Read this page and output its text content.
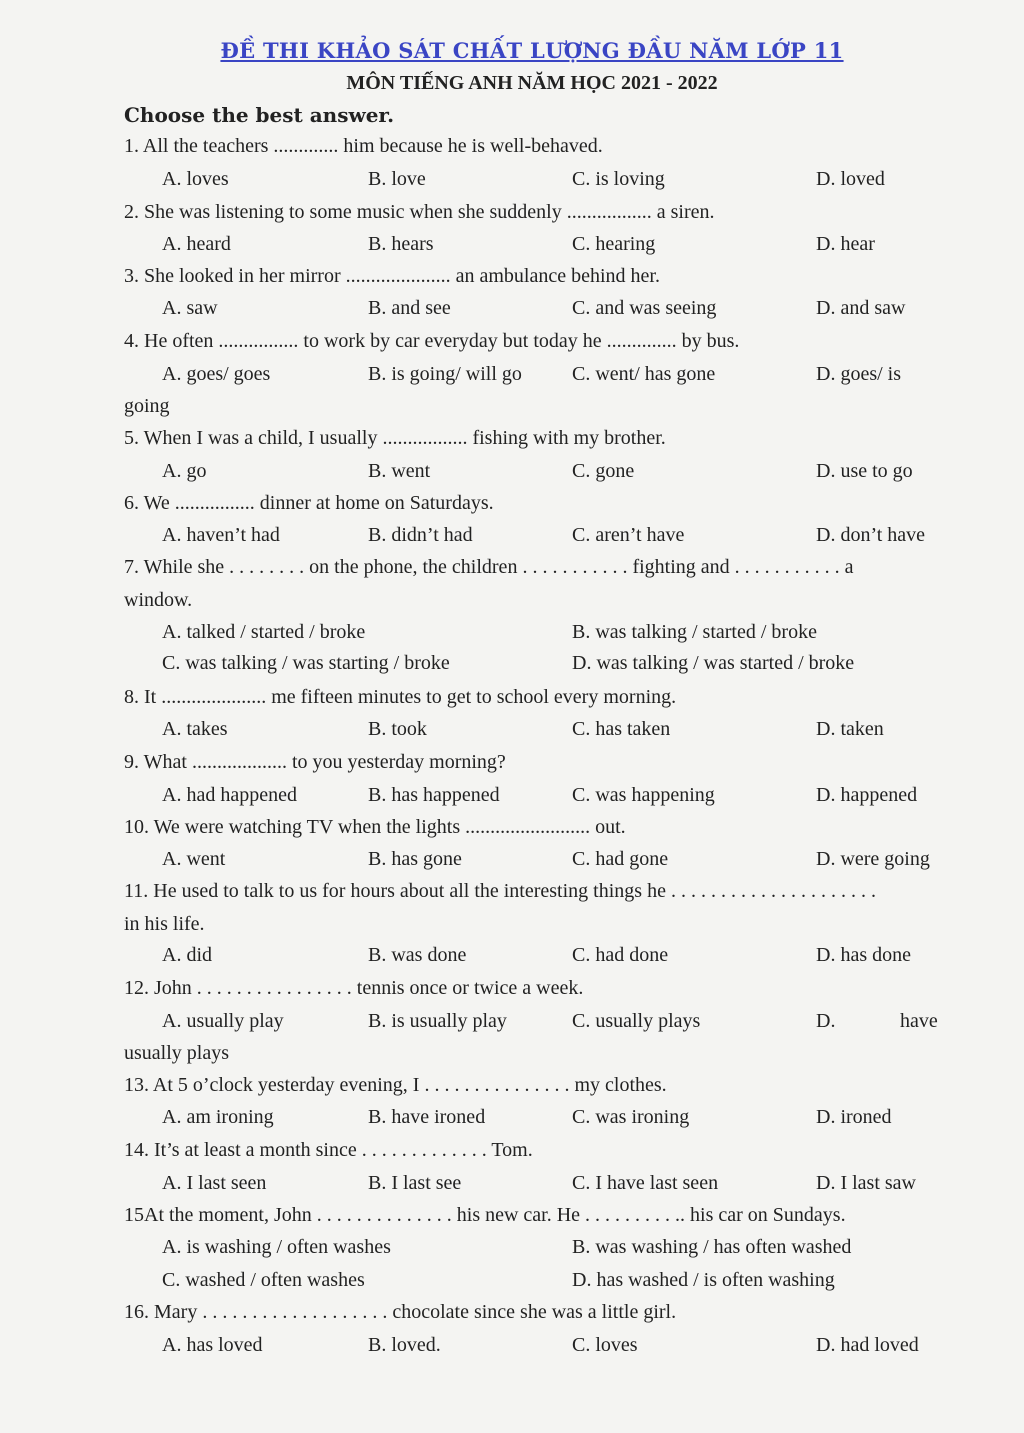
ĐỀ THI KHẢO SÁT CHẤT LƯỢNG ĐẦU NĂM LỚP 11
MÔN TIẾNG ANH NĂM HỌC 2021 - 2022
Choose the best answer.
1. All the teachers ............. him because he is well-behaved.
A. loves	B. love	C. is loving	D. loved
2. She was listening to some music when she suddenly ................. a siren.
A. heard	B. hears	C. hearing	D. hear
3. She looked in her mirror ..................... an ambulance behind her.
A. saw	B. and see	C. and was seeing	D. and saw
4. He often ................ to work by car everyday but today he .............. by bus.
A. goes/ goes	B. is going/ will go	C. went/ has gone	D. goes/ is
going
5. When I was a child, I usually ................. fishing with my brother.
A. go	B. went	C. gone	D. use to go
6. We ................ dinner at home on Saturdays.
A. haven’t had	B. didn’t had	C. aren’t have	D. don’t have
7. While she . . . . . . . . on the phone, the children . . . . . . . . . . . fighting and . . . . . . . . . . . a
window.
A. talked / started / broke	B. was talking / started / broke
C. was talking / was starting / broke	D. was talking / was started / broke
8. It ..................... me fifteen minutes to get to school every morning.
A. takes	B. took	C. has taken	D. taken
9. What ................... to you yesterday morning?
A. had happened	B. has happened	C. was happening	D. happened
10. We were watching TV when the lights ......................... out.
A. went	B. has gone	C. had gone	D. were going
11. He used to talk to us for hours about all the interesting things he . . . . . . . . . . . . . . . . . . . . .
in his life.
A. did	B. was done	C. had done	D. has done
12. John . . . . . . . . . . . . . . . . tennis once or twice a week.
A. usually play	B. is usually play	C. usually plays	D.	have
usually plays
13. At 5 o’clock yesterday evening, I . . . . . . . . . . . . . . . my clothes.
A. am ironing	B. have ironed	C. was ironing	D. ironed
14. It’s at least a month since . . . . . . . . . . . . . Tom.
A. I last seen	B. I last see	C. I have last seen	D. I last saw
15At the moment, John . . . . . . . . . . . . . . his new car. He . . . . . . . . . .. his car on Sundays.
A. is washing / often washes	B. was washing / has often washed
C. washed / often washes	D. has washed / is often washing
16. Mary . . . . . . . . . . . . . . . . . . . chocolate since she was a little girl.
A. has loved	B. loved.	C. loves	D. had loved
